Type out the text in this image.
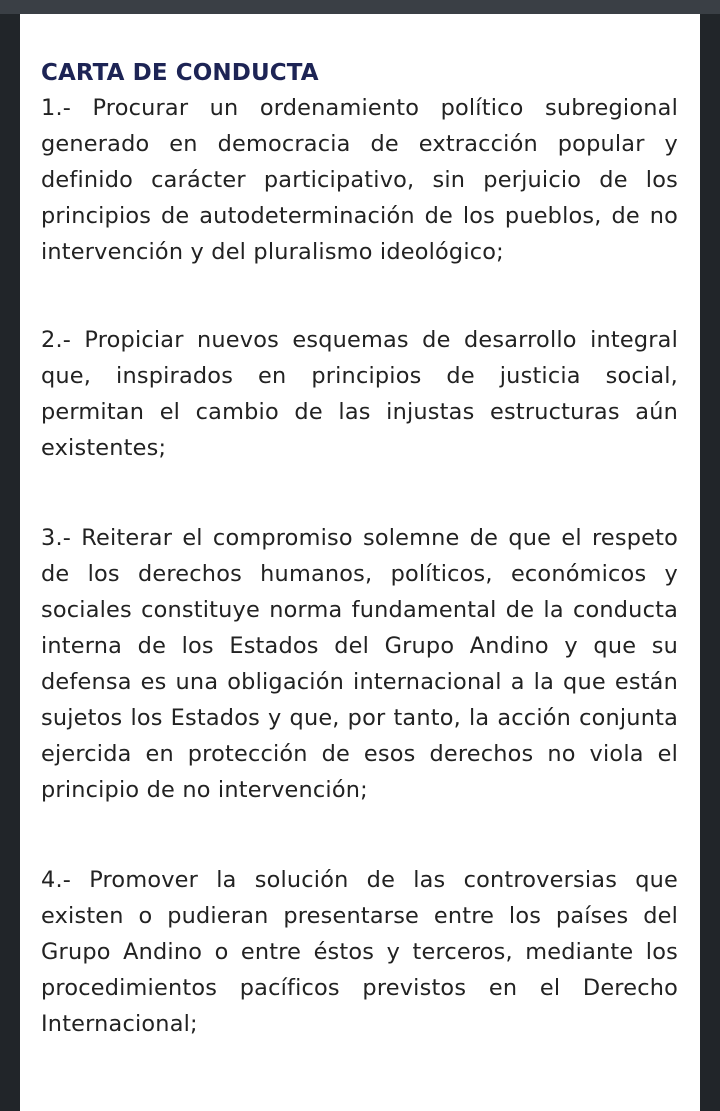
CARTA DE CONDUCTA

1.- Procurar un ordenamiento político subregional generado en democracia de extracción popular y definido carácter participativo, sin perjuicio de los principios de autodeterminación de los pueblos, de no intervención y del pluralismo ideológico;

2.- Propiciar nuevos esquemas de desarrollo integral que, inspirados en principios de justicia social, permitan el cambio de las injustas estructuras aún existentes;

3.- Reiterar el compromiso solemne de que el respeto de los derechos humanos, políticos, económicos y sociales constituye norma fundamental de la conducta interna de los Estados del Grupo Andino y que su defensa es una obligación internacional a la que están sujetos los Estados y que, por tanto, la acción conjunta ejercida en protección de esos derechos no viola el principio de no intervención;

4.- Promover la solución de las controversias que existen o pudieran presentarse entre los países del Grupo Andino o entre éstos y terceros, mediante los procedimientos pacíficos previstos en el Derecho Internacional;
